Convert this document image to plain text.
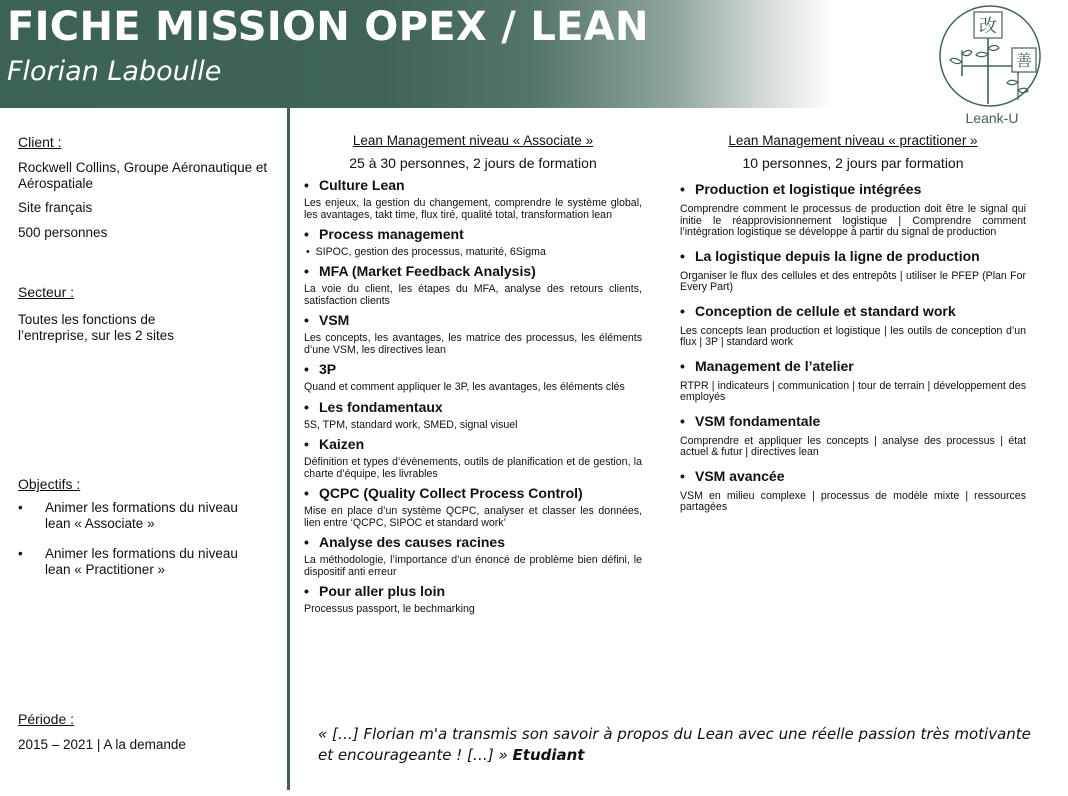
FICHE MISSION OPEX / LEAN
Florian Laboulle
改
善
Leank-U
Client :
Rockwell Collins, Groupe Aéronautique et Aérospatiale
Site français
500 personnes
Secteur :
Toutes les fonctions de l’entreprise, sur les 2 sites
Objectifs :
• Animer les formations du niveau lean « Associate »
• Animer les formations du niveau lean « Practitioner »
Période :
2015 – 2021 | A la demande
Lean Management niveau « Associate »
25 à 30 personnes, 2 jours de formation
• Culture Lean
Les enjeux, la gestion du changement, comprendre le système global, les avantages, takt time, flux tiré, qualité total, transformation lean
• Process management
•  SIPOC, gestion des processus, maturité, 6Sigma
• MFA (Market Feedback Analysis)
La voie du client, les étapes du MFA, analyse des retours clients, satisfaction clients
• VSM
Les concepts, les avantages, les matrice des processus, les éléments d’une VSM, les directives lean
• 3P
Quand et comment appliquer le 3P, les avantages, les éléments clés
• Les fondamentaux
5S, TPM, standard work, SMED, signal visuel
• Kaizen
Définition et types d’évènements, outils de planification et de gestion, la charte d’équipe, les livrables
• QCPC (Quality Collect Process Control)
Mise en place d’un système QCPC, analyser et classer les données, lien entre ‘QCPC, SIPOC et standard work’
• Analyse des causes racines
La méthodologie, l’importance d’un énoncé de problème bien défini, le dispositif anti erreur
• Pour aller plus loin
Processus passport, le bechmarking
Lean Management niveau « practitioner »
10 personnes, 2 jours par formation
• Production et logistique intégrées
Comprendre comment le processus de production doit être le signal qui initie le réapprovisionnement logistique | Comprendre comment l’intégration logistique se développe à partir du signal de production
• La logistique depuis la ligne de production
Organiser le flux des cellules et des entrepôts | utiliser le PFEP (Plan For Every Part)
• Conception de cellule et standard work
Les concepts lean production et logistique | les outils de conception d’un flux | 3P | standard work
• Management de l’atelier
RTPR | indicateurs | communication | tour de terrain | développement des employés
• VSM fondamentale
Comprendre et appliquer les concepts | analyse des processus | état actuel & futur | directives lean
• VSM avancée
VSM en milieu complexe | processus de modèle mixte | ressources partagées
« […] Florian m'a transmis son savoir à propos du Lean avec une réelle passion très motivante et encourageante ! […] » Etudiant
